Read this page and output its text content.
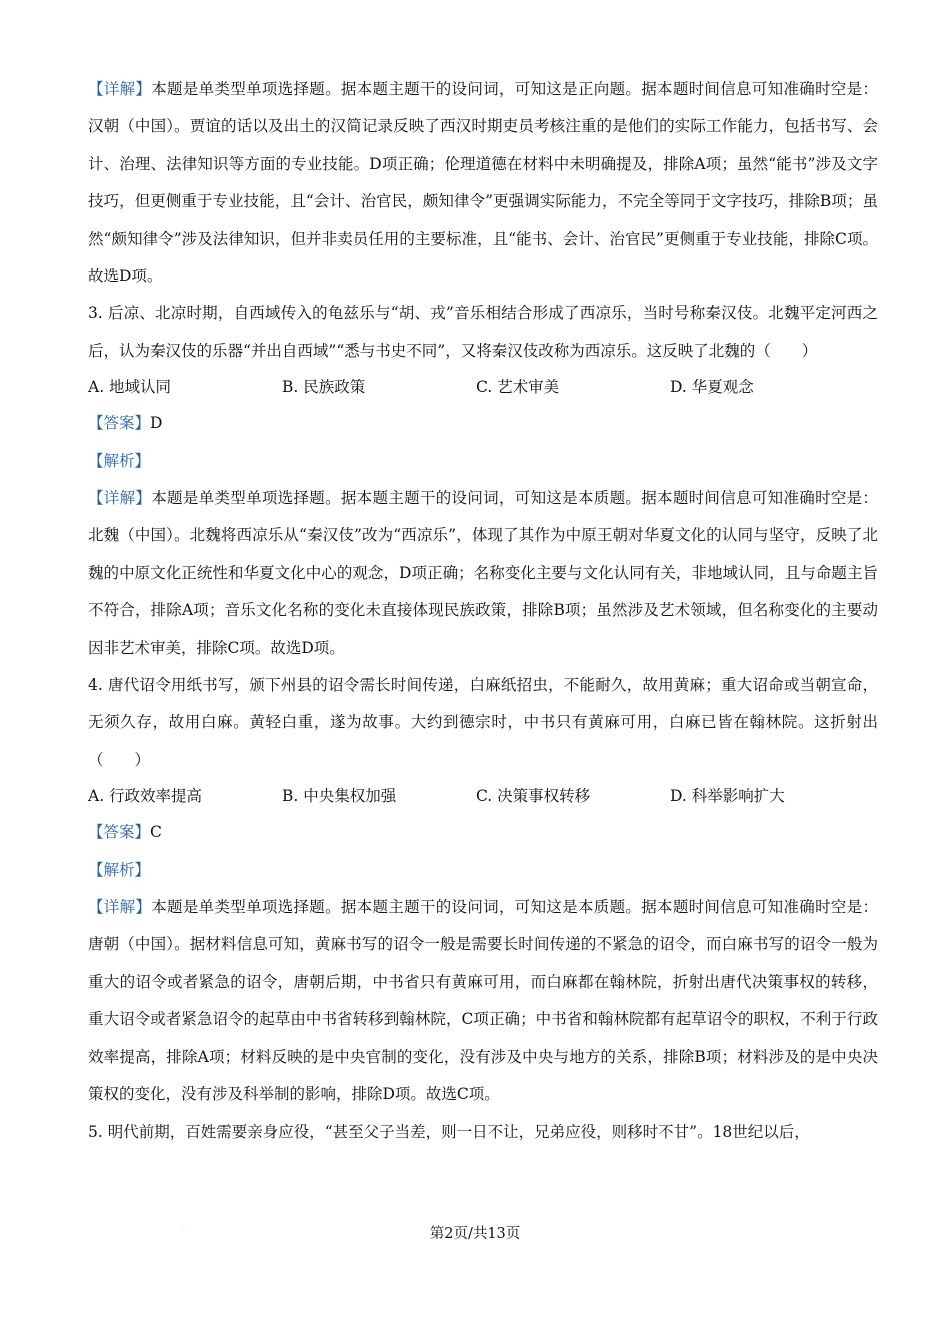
【详解】本题是单类型单项选择题。据本题主题干的设问词，可知这是正向题。据本题时间信息可知准确时空是：汉朝（中国）。贾谊的话以及出土的汉简记录反映了西汉时期吏员考核注重的是他们的实际工作能力，包括书写、会计、治理、法律知识等方面的专业技能。D项正确；伦理道德在材料中未明确提及，排除A项；虽然“能书”涉及文字技巧，但更侧重于专业技能，且“会计、治官民，颇知律令”更强调实际能力，不完全等同于文字技巧，排除B项；虽然“颇知律令”涉及法律知识，但并非卖员任用的主要标准，且“能书、会计、治官民”更侧重于专业技能，排除C项。故选D项。
3. 后凉、北凉时期，自西域传入的龟兹乐与“胡、戎”音乐相结合形成了西凉乐，当时号称秦汉伎。北魏平定河西之后，认为秦汉伎的乐器“并出自西域”“悉与书史不同”，又将秦汉伎改称为西凉乐。这反映了北魏的（　　）
A. 地域认同	B. 民族政策	C. 艺术审美	D. 华夏观念
【答案】D
【解析】
【详解】本题是单类型单项选择题。据本题主题干的设问词，可知这是本质题。据本题时间信息可知准确时空是：北魏（中国）。北魏将西凉乐从“秦汉伎”改为“西凉乐”，体现了其作为中原王朝对华夏文化的认同与坚守，反映了北魏的中原文化正统性和华夏文化中心的观念，D项正确；名称变化主要与文化认同有关，非地域认同，且与命题主旨不符合，排除A项；音乐文化名称的变化未直接体现民族政策，排除B项；虽然涉及艺术领域，但名称变化的主要动因非艺术审美，排除C项。故选D项。
4. 唐代诏令用纸书写，颁下州县的诏令需长时间传递，白麻纸招虫，不能耐久，故用黄麻；重大诏命或当朝宣命，无须久存，故用白麻。黄轻白重，遂为故事。大约到德宗时，中书只有黄麻可用，白麻已皆在翰林院。这折射出（　　）
A. 行政效率提高	B. 中央集权加强	C. 决策事权转移	D. 科举影响扩大
【答案】C
【解析】
【详解】本题是单类型单项选择题。据本题主题干的设问词，可知这是本质题。据本题时间信息可知准确时空是：唐朝（中国）。据材料信息可知，黄麻书写的诏令一般是需要长时间传递的不紧急的诏令，而白麻书写的诏令一般为重大的诏令或者紧急的诏令，唐朝后期，中书省只有黄麻可用，而白麻都在翰林院，折射出唐代决策事权的转移，重大诏令或者紧急诏令的起草由中书省转移到翰林院，C项正确；中书省和翰林院都有起草诏令的职权，不利于行政效率提高，排除A项；材料反映的是中央官制的变化，没有涉及中央与地方的关系，排除B项；材料涉及的是中央决策权的变化，没有涉及科举制的影响，排除D项。故选C项。
5. 明代前期，百姓需要亲身应役，“甚至父子当差，则一日不让，兄弟应役，则移时不甘”。18世纪以后，
·	第2页/共13页
